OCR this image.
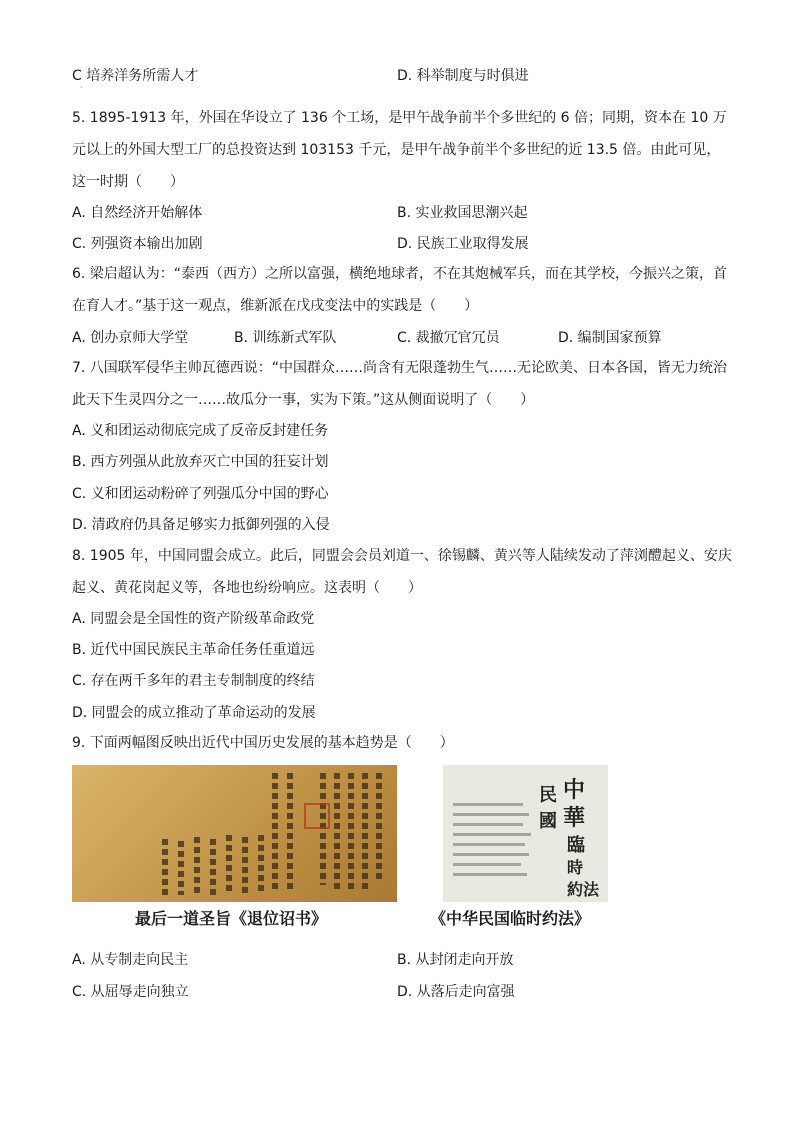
C 培养洋务所需人才	D. 科举制度与时俱进
·
5. 1895-1913 年，外国在华设立了 136 个工场，是甲午战争前半个多世纪的 6 倍；同期，资本在 10 万元以上的外国大型工厂的总投资达到 103153 千元，是甲午战争前半个多世纪的近 13.5 倍。由此可见，这一时期（　　）
A. 自然经济开始解体	B. 实业救国思潮兴起
C. 列强资本输出加剧	D. 民族工业取得发展
6. 梁启超认为：“泰西（西方）之所以富强，横绝地球者，不在其炮械军兵，而在其学校，今振兴之策，首在育人才。”基于这一观点，维新派在戊戌变法中的实践是（　　）
A. 创办京师大学堂	B. 训练新式军队	C. 裁撤冗官冗员	D. 编制国家预算
7. 八国联军侵华主帅瓦德西说：“中国群众……尚含有无限蓬勃生气……无论欧美、日本各国，皆无力统治此天下生灵四分之一……故瓜分一事，实为下策。”这从侧面说明了（　　）
A. 义和团运动彻底完成了反帝反封建任务
B. 西方列强从此放弃灭亡中国的狂妄计划
C. 义和团运动粉碎了列强瓜分中国的野心
D. 清政府仍具备足够实力抵御列强的入侵
8. 1905 年，中国同盟会成立。此后，同盟会会员刘道一、徐锡麟、黄兴等人陆续发动了萍浏醴起义、安庆起义、黄花岗起义等，各地也纷纷响应。这表明（　　）
A. 同盟会是全国性的资产阶级革命政党
B. 近代中国民族民主革命任务任重道远
C. 存在两千多年的君主专制制度的终结
D. 同盟会的成立推动了革命运动的发展
9. 下面两幅图反映出近代中国历史发展的基本趋势是（　　）
中
華
民
國
臨
時
約法
最后一道圣旨《退位诏书》	《中华民国临时约法》
A. 从专制走向民主	B. 从封闭走向开放
C. 从屈辱走向独立	D. 从落后走向富强
